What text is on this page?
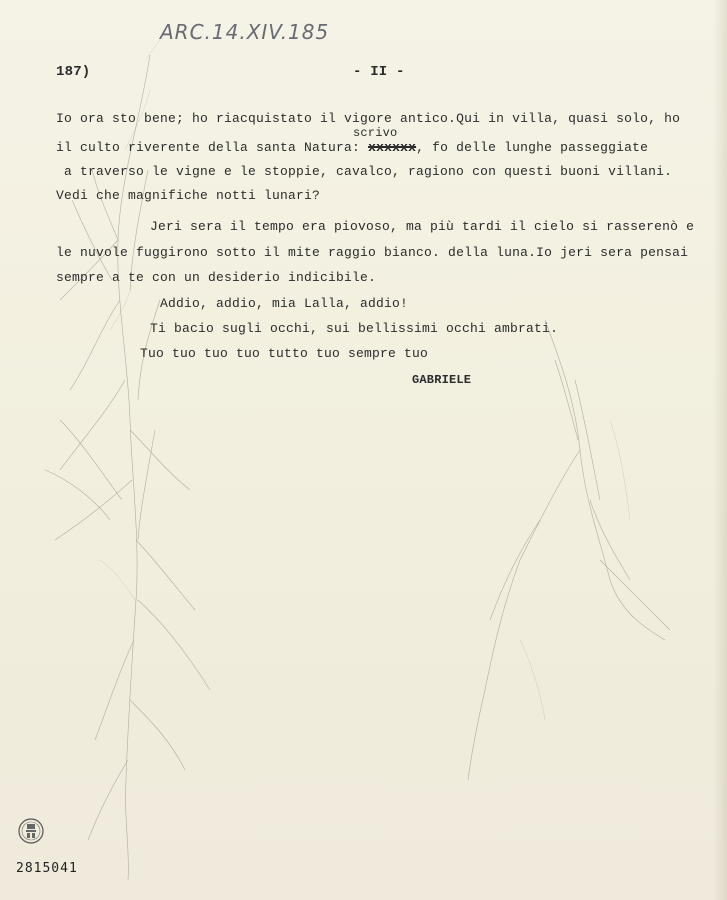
ARC.14.XIV.185
187)	- II -
Io ora sto bene; ho riacquistato il vigore antico.Qui in villa, quasi solo, ho
scrivo
il culto riverente della santa Natura: xxxxxx, fo delle lunghe passeggiate
a traverso le vigne e le stoppie, cavalco, ragiono con questi buoni villani.
Vedi che magnifiche notti lunari?
Jeri sera il tempo era piovoso, ma più tardi il cielo si rasserenò e
le nuvole fuggirono sotto il mite raggio bianco. della luna.Io jeri sera pensai
sempre a te con un desiderio indicibile.
Addio, addio, mia Lalla, addio!
Ti bacio sugli occhi, sui bellissimi occhi ambrati.
Tuo tuo tuo tuo tutto tuo sempre tuo
GABRIELE
2815041
